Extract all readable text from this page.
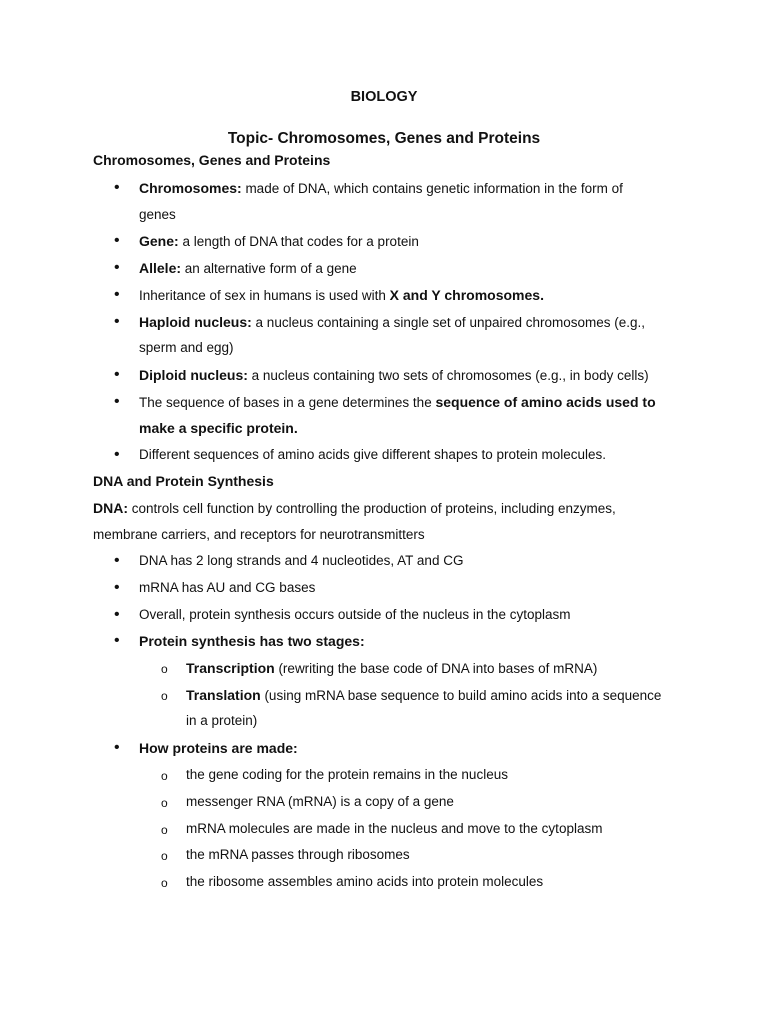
BIOLOGY
Topic- Chromosomes, Genes and Proteins
Chromosomes, Genes and Proteins
• Chromosomes: made of DNA, which contains genetic information in the form of
genes
• Gene: a length of DNA that codes for a protein
• Allele: an alternative form of a gene
• Inheritance of sex in humans is used with X and Y chromosomes.
• Haploid nucleus: a nucleus containing a single set of unpaired chromosomes (e.g.,
sperm and egg)
• Diploid nucleus: a nucleus containing two sets of chromosomes (e.g., in body cells)
• The sequence of bases in a gene determines the sequence of amino acids used to
make a specific protein.
• Different sequences of amino acids give different shapes to protein molecules.
DNA and Protein Synthesis
DNA: controls cell function by controlling the production of proteins, including enzymes,
membrane carriers, and receptors for neurotransmitters
• DNA has 2 long strands and 4 nucleotides, AT and CG
• mRNA has AU and CG bases
• Overall, protein synthesis occurs outside of the nucleus in the cytoplasm
• Protein synthesis has two stages:
o Transcription (rewriting the base code of DNA into bases of mRNA)
o Translation (using mRNA base sequence to build amino acids into a sequence
in a protein)
• How proteins are made:
o the gene coding for the protein remains in the nucleus
o messenger RNA (mRNA) is a copy of a gene
o mRNA molecules are made in the nucleus and move to the cytoplasm
o the mRNA passes through ribosomes
o the ribosome assembles amino acids into protein molecules
